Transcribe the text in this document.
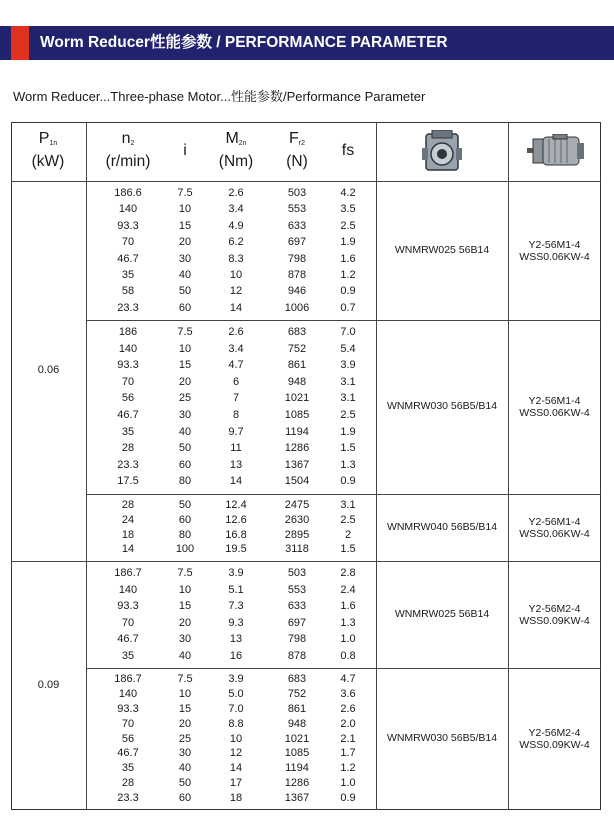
Worm Reducer性能参数 / PERFORMANCE PARAMETER
Worm Reducer...Three-phase Motor...性能参数/Performance Parameter
P1n
(kW)
n2
(r/min)
i
M2n
(Nm)
Fr2
(N)
fs
0.06
186.6	7.5	2.6	503	4.2
140	10	3.4	553	3.5
93.3	15	4.9	633	2.5
70	20	6.2	697	1.9
46.7	30	8.3	798	1.6
35	40	10	878	1.2
58	50	12	946	0.9
23.3	60	14	1006	0.7
WNMRW025 56B14	Y2-56M1-4
WSS0.06KW-4
186	7.5	2.6	683	7.0
140	10	3.4	752	5.4
93.3	15	4.7	861	3.9
70	20	6	948	3.1
56	25	7	1021	3.1
46.7	30	8	1085	2.5
35	40	9.7	1194	1.9
28	50	11	1286	1.5
23.3	60	13	1367	1.3
17.5	80	14	1504	0.9
WNMRW030 56B5/B14	Y2-56M1-4
WSS0.06KW-4
28	50	12.4	2475	3.1
24	60	12.6	2630	2.5
18	80	16.8	2895	2
14	100	19.5	3118	1.5
WNMRW040 56B5/B14	Y2-56M1-4
WSS0.06KW-4
0.09
186.7	7.5	3.9	503	2.8
140	10	5.1	553	2.4
93.3	15	7.3	633	1.6
70	20	9.3	697	1.3
46.7	30	13	798	1.0
35	40	16	878	0.8
WNMRW025 56B14	Y2-56M2-4
WSS0.09KW-4
186.7	7.5	3.9	683	4.7
140	10	5.0	752	3.6
93.3	15	7.0	861	2.6
70	20	8.8	948	2.0
56	25	10	1021	2.1
46.7	30	12	1085	1.7
35	40	14	1194	1.2
28	50	17	1286	1.0
23.3	60	18	1367	0.9
WNMRW030 56B5/B14	Y2-56M2-4
WSS0.09KW-4
